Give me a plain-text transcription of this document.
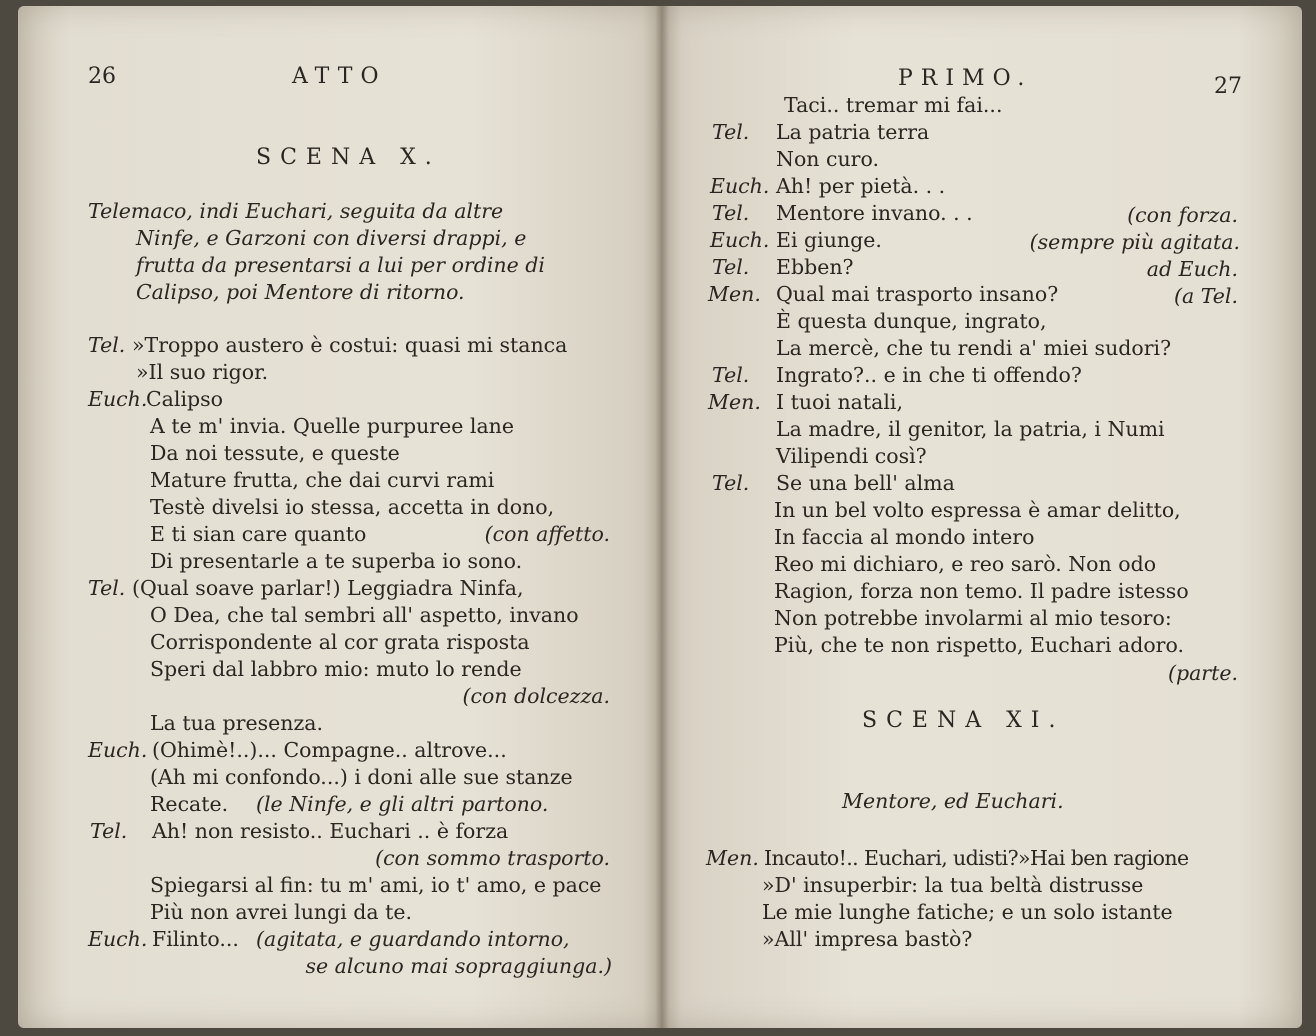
26	ATTO
SCENA X.
Telemaco, indi Euchari, seguita da altre
Ninfe, e Garzoni con diversi drappi, e
frutta da presentarsi a lui per ordine di
Calipso, poi Mentore di ritorno.
Tel. »Troppo austero è costui: quasi mi stanca
»Il suo rigor.
Euch.
Calipso
A te m' invia. Quelle purpuree lane
Da noi tessute, e queste
Mature frutta, che dai curvi rami
Testè divelsi io stessa, accetta in dono,
E ti sian care quanto	(con affetto.
Di presentarle a te superba io sono.
Tel. (Qual soave parlar!) Leggiadra Ninfa,
O Dea, che tal sembri all' aspetto, invano
Corrispondente al cor grata risposta
Speri dal labbro mio: muto lo rende
(con dolcezza.
La tua presenza.
Euch. (Ohimè!..)... Compagne.. altrove...
(Ah mi confondo...) i doni alle sue stanze
Recate. (le Ninfe, e gli altri partono.
Tel. Ah! non resisto.. Euchari .. è forza
(con sommo trasporto.
Spiegarsi al fin: tu m' ami, io t' amo, e pace
Più non avrei lungi da te.
Euch. Filinto... (agitata, e guardando intorno,
se alcuno mai sopraggiunga.)
PRIMO.	27
Taci.. tremar mi fai...
Tel. La patria terra
Non curo.
Euch. Ah! per pietà. . .
Tel. Mentore invano. . .	(con forza.
Euch. Ei giunge.	(sempre più agitata.
Tel. Ebben?	ad Euch.
Men. Qual mai trasporto insano?	(a Tel.
È questa dunque, ingrato,
La mercè, che tu rendi a' miei sudori?
Tel. Ingrato?.. e in che ti offendo?
Men. I tuoi natali,
La madre, il genitor, la patria, i Numi
Vilipendi così?
Tel. Se una bell' alma
In un bel volto espressa è amar delitto,
In faccia al mondo intero
Reo mi dichiaro, e reo sarò. Non odo
Ragion, forza non temo. Il padre istesso
Non potrebbe involarmi al mio tesoro:
Più, che te non rispetto, Euchari adoro.
(parte.
SCENA XI.
Mentore, ed Euchari.
Men. Incauto!.. Euchari, udisti?»Hai ben ragione
»D' insuperbir: la tua beltà distrusse
Le mie lunghe fatiche; e un solo istante
»All' impresa bastò?
